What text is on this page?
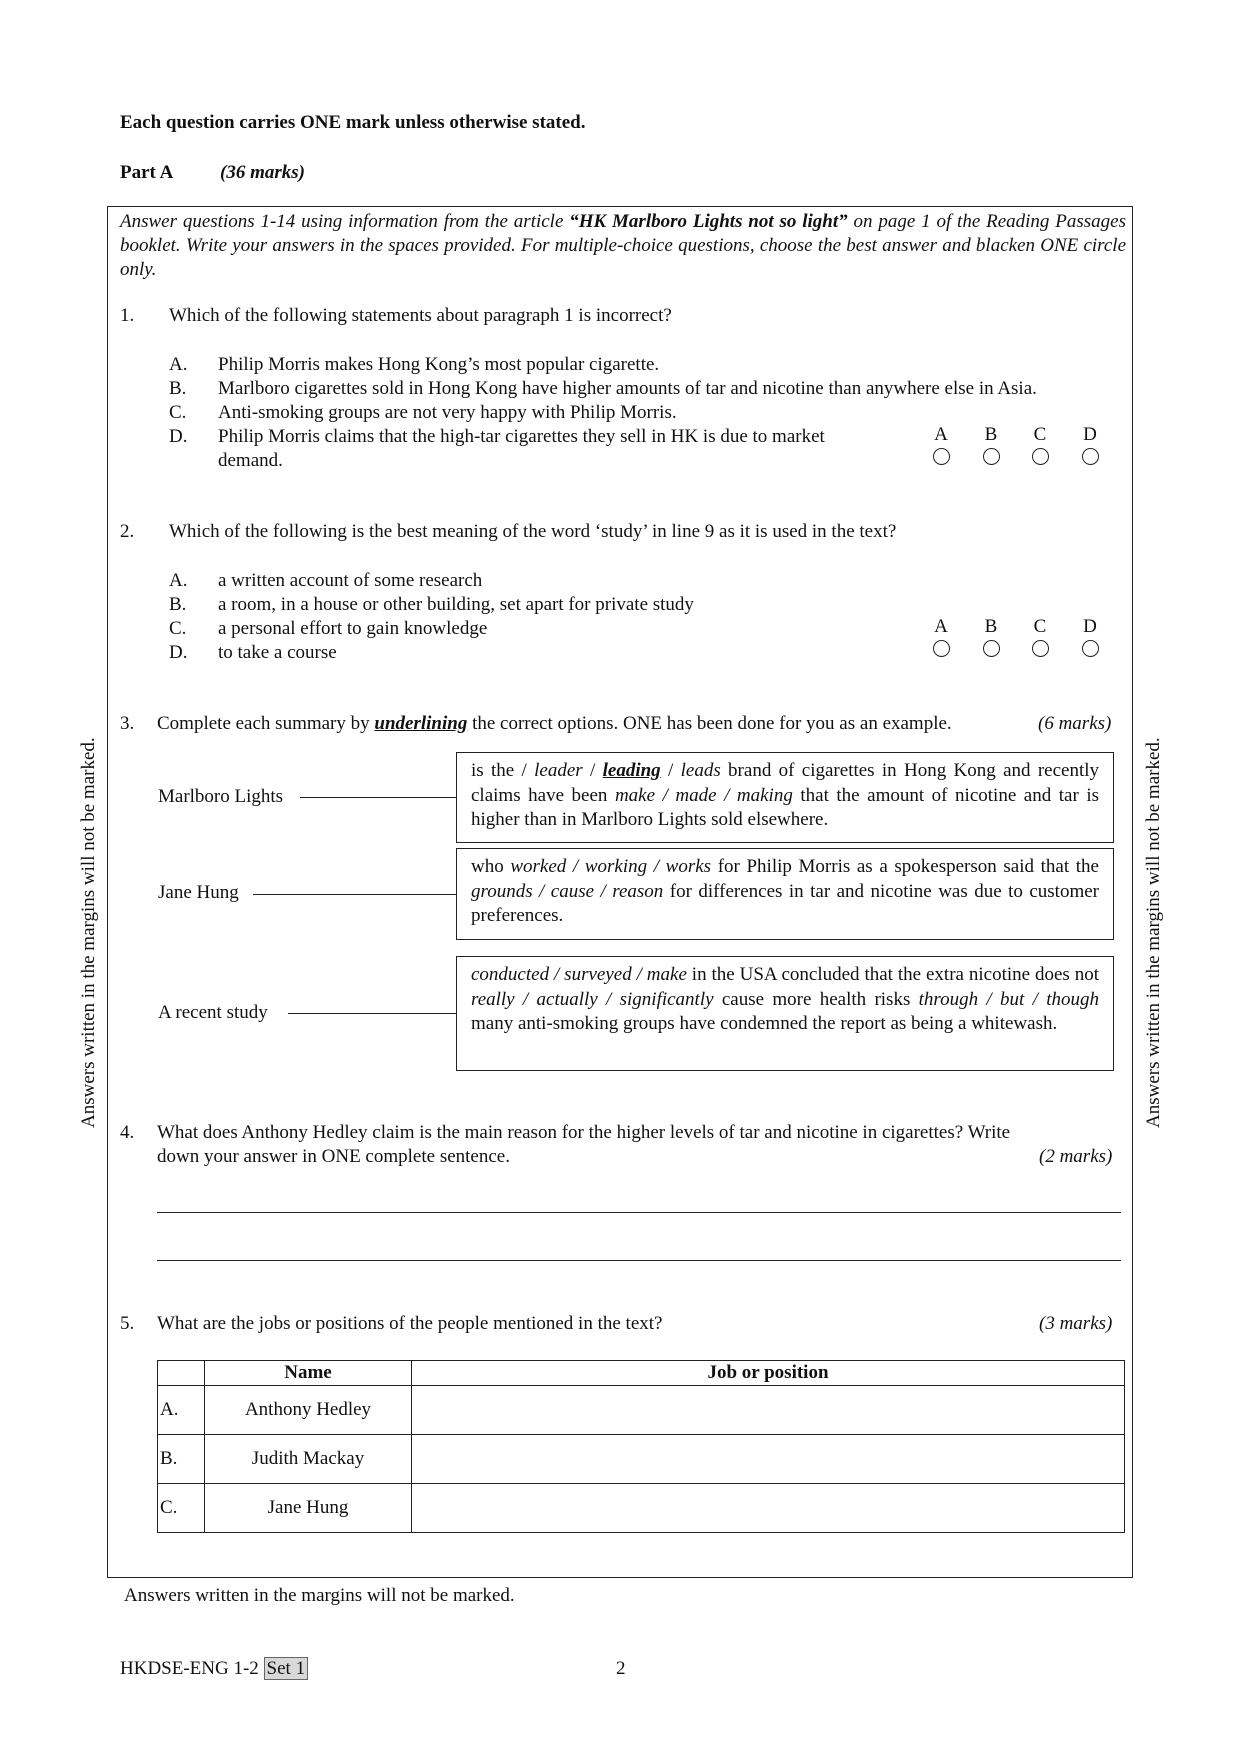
Each question carries ONE mark unless otherwise stated.
Part A (36 marks)
Answer questions 1-14 using information from the article “HK Marlboro Lights not so light” on page 1 of the Reading Passages booklet. Write your answers in the spaces provided. For multiple-choice questions, choose the best answer and blacken ONE circle only.
1. Which of the following statements about paragraph 1 is incorrect?
A. Philip Morris makes Hong Kong’s most popular cigarette.
B. Marlboro cigarettes sold in Hong Kong have higher amounts of tar and nicotine than anywhere else in Asia.
C. Anti-smoking groups are not very happy with Philip Morris.
D. Philip Morris claims that the high-tar cigarettes they sell in HK is due to market
demand.
A	B	C	D
2. Which of the following is the best meaning of the word ‘study’ in line 9 as it is used in the text?
A. a written account of some research
B. a room, in a house or other building, set apart for private study
C. a personal effort to gain knowledge
D. to take a course
A	B	C	D
3. Complete each summary by underlining the correct options. ONE has been done for you as an example.	(6 marks)
Marlboro Lights
is the / leader / leading / leads brand of cigarettes in Hong Kong and recently claims have been make / made / making that the amount of nicotine and tar is higher than in Marlboro Lights sold elsewhere.
Jane Hung
who worked / working / works for Philip Morris as a spokesperson said that the grounds / cause / reason for differences in tar and nicotine was due to customer preferences.
A recent study
conducted / surveyed / make in the USA concluded that the extra nicotine does not really / actually / significantly cause more health risks through / but / though many anti-smoking groups have condemned the report as being a whitewash.
4. What does Anthony Hedley claim is the main reason for the higher levels of tar and nicotine in cigarettes? Write
down your answer in ONE complete sentence.	(2 marks)
5. What are the jobs or positions of the people mentioned in the text?	(3 marks)
	Name	Job or position
A.	Anthony Hedley	
B.	Judith Mackay	
C.	Jane Hung	
Answers written in the margins will not be marked.	Answers written in the margins will not be marked.
Answers written in the margins will not be marked.
HKDSE-ENG 1-2 Set 1	2
